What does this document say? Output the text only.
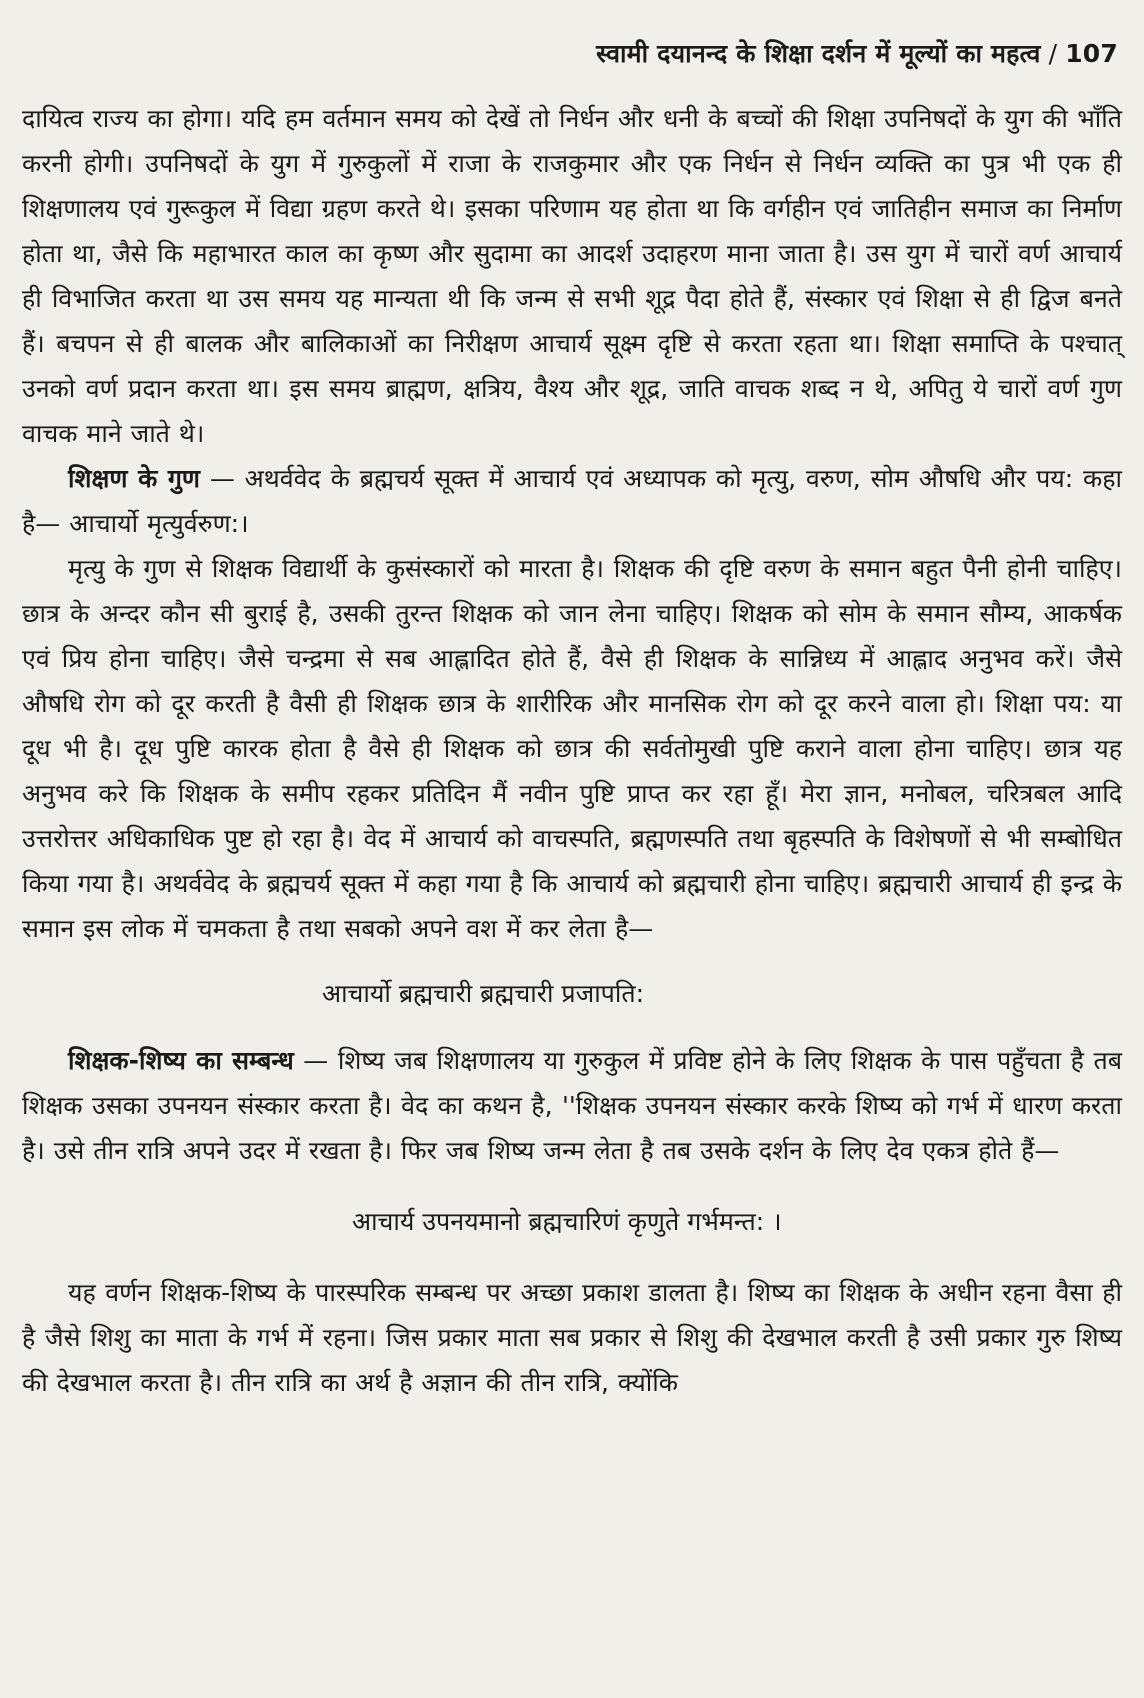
स्वामी दयानन्द के शिक्षा दर्शन में मूल्यों का महत्व / 107

दायित्व राज्य का होगा। यदि हम वर्तमान समय को देखें तो निर्धन और धनी के बच्चों की शिक्षा उपनिषदों के युग की भाँति करनी होगी। उपनिषदों के युग में गुरुकुलों में राजा के राजकुमार और एक निर्धन से निर्धन व्यक्ति का पुत्र भी एक ही शिक्षणालय एवं गुरूकुल में विद्या ग्रहण करते थे। इसका परिणाम यह होता था कि वर्गहीन एवं जातिहीन समाज का निर्माण होता था, जैसे कि महाभारत काल का कृष्ण और सुदामा का आदर्श उदाहरण माना जाता है। उस युग में चारों वर्ण आचार्य ही विभाजित करता था उस समय यह मान्यता थी कि जन्म से सभी शूद्र पैदा होते हैं, संस्कार एवं शिक्षा से ही द्विज बनते हैं। बचपन से ही बालक और बालिकाओं का निरीक्षण आचार्य सूक्ष्म दृष्टि से करता रहता था। शिक्षा समाप्ति के पश्चात् उनको वर्ण प्रदान करता था। इस समय ब्राह्मण, क्षत्रिय, वैश्य और शूद्र, जाति वाचक शब्द न थे, अपितु ये चारों वर्ण गुण वाचक माने जाते थे।

शिक्षण के गुण — अथर्ववेद के ब्रह्मचर्य सूक्त में आचार्य एवं अध्यापक को मृत्यु, वरुण, सोम औषधि और पय: कहा है— आचार्यो मृत्युर्वरुण:।

मृत्यु के गुण से शिक्षक विद्यार्थी के कुसंस्कारों को मारता है। शिक्षक की दृष्टि वरुण के समान बहुत पैनी होनी चाहिए। छात्र के अन्दर कौन सी बुराई है, उसकी तुरन्त शिक्षक को जान लेना चाहिए। शिक्षक को सोम के समान सौम्य, आकर्षक एवं प्रिय होना चाहिए। जैसे चन्द्रमा से सब आह्लादित होते हैं, वैसे ही शिक्षक के सान्निध्य में आह्लाद अनुभव करें। जैसे औषधि रोग को दूर करती है वैसी ही शिक्षक छात्र के शारीरिक और मानसिक रोग को दूर करने वाला हो। शिक्षा पय: या दूध भी है। दूध पुष्टि कारक होता है वैसे ही शिक्षक को छात्र की सर्वतोमुखी पुष्टि कराने वाला होना चाहिए। छात्र यह अनुभव करे कि शिक्षक के समीप रहकर प्रतिदिन मैं नवीन पुष्टि प्राप्त कर रहा हूँ। मेरा ज्ञान, मनोबल, चरित्रबल आदि उत्तरोत्तर अधिकाधिक पुष्ट हो रहा है। वेद में आचार्य को वाचस्पति, ब्रह्मणस्पति तथा बृहस्पति के विशेषणों से भी सम्बोधित किया गया है। अथर्ववेद के ब्रह्मचर्य सूक्त में कहा गया है कि आचार्य को ब्रह्मचारी होना चाहिए। ब्रह्मचारी आचार्य ही इन्द्र के समान इस लोक में चमकता है तथा सबको अपने वश में कर लेता है—

आचार्यो ब्रह्मचारी ब्रह्मचारी प्रजापति:

शिक्षक-शिष्य का सम्बन्ध — शिष्य जब शिक्षणालय या गुरुकुल में प्रविष्ट होने के लिए शिक्षक के पास पहुँचता है तब शिक्षक उसका उपनयन संस्कार करता है। वेद का कथन है, ''शिक्षक उपनयन संस्कार करके शिष्य को गर्भ में धारण करता है। उसे तीन रात्रि अपने उदर में रखता है। फिर जब शिष्य जन्म लेता है तब उसके दर्शन के लिए देव एकत्र होते हैं—

आचार्य उपनयमानो ब्रह्मचारिणं कृणुते गर्भमन्त: ।

यह वर्णन शिक्षक-शिष्य के पारस्परिक सम्बन्ध पर अच्छा प्रकाश डालता है। शिष्य का शिक्षक के अधीन रहना वैसा ही है जैसे शिशु का माता के गर्भ में रहना। जिस प्रकार माता सब प्रकार से शिशु की देखभाल करती है उसी प्रकार गुरु शिष्य की देखभाल करता है। तीन रात्रि का अर्थ है अज्ञान की तीन रात्रि, क्योंकि
